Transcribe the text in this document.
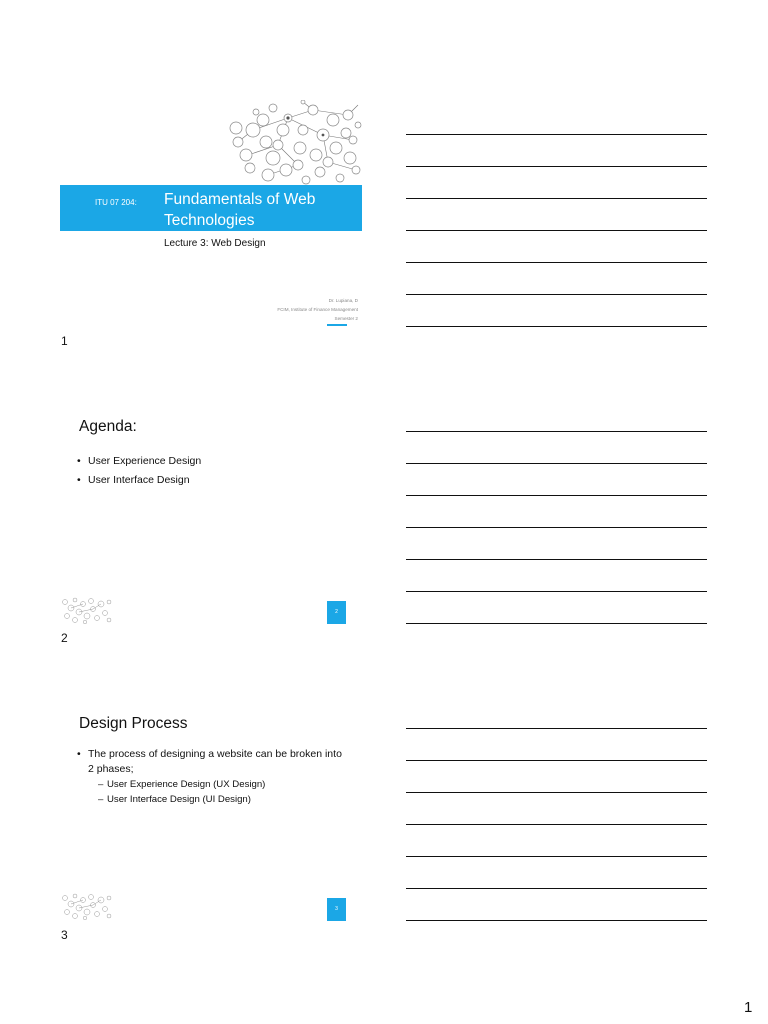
ITU 07 204: Fundamentals of Web Technologies
Lecture 3: Web Design
Dr. Lupiana, D
FCIM, Institute of Finance Management
Semester 2
1
Agenda:
• User Experience Design
• User Interface Design
2
2
Design Process
• The process of designing a website can be broken into 2 phases;
– User Experience Design (UX Design)
– User Interface Design (UI Design)
3
3
1
